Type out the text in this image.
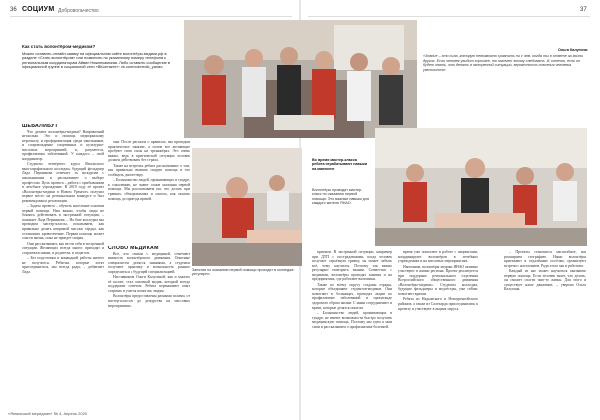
36 СОЦИУМ Добровольчество	37
Как стать волонтёром-медиком?
Можно оставить онлайн-заявку на официальном сайте волонтёры-медики.рф в разделе «Стать волонтёром» или позвонить по указанному номеру телефона к региональным координаторам Айвин Нижнекамская. Либо оставить сообщение в официальной группе в социальной сети «ВКонтакте»: vk.com/volmedic_yanao.
Ольга Калугина:
«Знание – это сила, которую невозможно сравнить ни с чем, когда ты в ответе за жизни других. Если человек увидит хорошее, то захочет этому следовать. И, конечно, если он будет знать, что делать в экстренной ситуации, вероятность спасения человека увеличится».

ШЕВАЛИБУТ

Что делают волонтёры-медики? Направлений несколько. Это и помощь медицинскому персоналу, и профориентация среди школьников, и сопровождение спортивных и культурно-массовых мероприятий, и, разумеется, профилактика заболеваний. У каждого – свой координатор.

Студенты четвёртого курса Ямальского многопрофильного колледжа, будущий фельдшер Лада Перминова отвечает за экскурсии с школьниками и рассказывает о выборе профессии. Цель проекта – работа с прибывшими в лечебное учреждение. В 2019 году её проект «Волонтеры-медики в Новом Уренгое» получил первое место на региональном конкурсе и был рекомендован к реализации.

– Задача проекта – обучить население основам первой помощи. Нам важно, чтобы люди не боялись действовать в экстренной ситуации, – поясняет Лада Перминова. – На базе колледжа мы проводим мастер-классы, показываем, как правильно делать непрямой массаж сердца, как остановить кровотечение. Первая помощь может спасти жизнь, пока не приедет скорая.

Они рассказывают, как вести себя в экстренной ситуации. Желающих всегда много: приходят и старшеклассники, и родители, и педагоги.

– Без подготовки и командной работы ничего не получится. Ребятам, которые хотят присоединиться, мы всегда рады, – добавляет Лада.

они. После рассказа о правилах, мы проводим практическое занятие, а потом все желающие пробуют свои силы на тренажёрах. Это очень важно, ведь в критической ситуации человек должен действовать без страха.

Также на встречах ребята рассказывают о том, как правильно вызвать скорую помощь и что сообщить диспетчеру.

– Большинство людей, проживающих в тундре, к сожалению, не знают основ оказания первой помощи. Мы рассказываем им, что делать при травмах, обморожениях и ожогах, как оказать помощь до приезда врачей.

СЛОВО МЕДИКАМ

Всё, кто связан с медициной, отмечают важность волонтёрского движения. Опытные специалисты делятся знаниями, а студенты получают практику и возможность раньше определиться с будущей специализацией.

Наставником Ольги Калугиной, как и многих её коллег, стал опытный медик, который всегда поддержит советом. Ребята перенимают опыт старших и учатся помогать людям.

Волонтёры предоставлены разными силами, от мастер-классов до дежурства на массовых мероприятиях.

Занятия по оказанию первой помощи проходят в колледже регулярно
Во время мастер-класса ребята отрабатывают навыки на манекене
Волонтёры проводят мастер-класс по оказанию первой помощи. Это важные навыки для каждого жителя ЯНАО.

приемов. В экстренной ситуации, например при ДТП с пострадавшими, когда человек получает серьёзную травму, он может забыть всё, чему научился. Поэтому так важно регулярно повторять знания. Совместно с медиками, волонтёры проводят занятия и на предприятиях, где работают вахтовики.

Также по всему округу созданы отряды, которые объединяют студентов-медиков. Они помогают в больницах, проводят акции по профилактике заболеваний и пропаганде здорового образа жизни. С ними сотрудничают и врачи, которые делятся опытом.

– Большинство людей, проживающих в тундре, не имеют возможности быстро получить медицинскую помощь. Поэтому мы едем к ним сами и рассказываем о профилактике болезней.

время уже помогают в работе с пациентами, координируют волонтёров в лечебных учреждениях и на массовых мероприятиях.

Напомним, волонтёры-медики ЯНАО активно участвуют в жизни региона. Проект реализуется при поддержке регионального отделения Всероссийского общественного движения «Волонтёры-медики». Студенты колледжа, будущие фельдшеры и медсёстры, уже сейчас помогают врачам.

Ребята из Надымского и Новоуренгойского районов, а также из Салехарда присоединились к проекту и участвуют в акциях округа.

– Проекты становятся масштабнее, мы расширяем географию. Наши волонтёры приезжают в отдалённые посёлки, организуют встречи с населением. Ради этого мы и работаем.

Каждый из нас может научиться оказывать первую помощь. Если человек знает, что делать, он сможет спасти чью-то жизнь. Для этого и существует наше движение, – уверена Ольга Калугина.

«Ямальский меридиан» № 4, Апрель 2020
